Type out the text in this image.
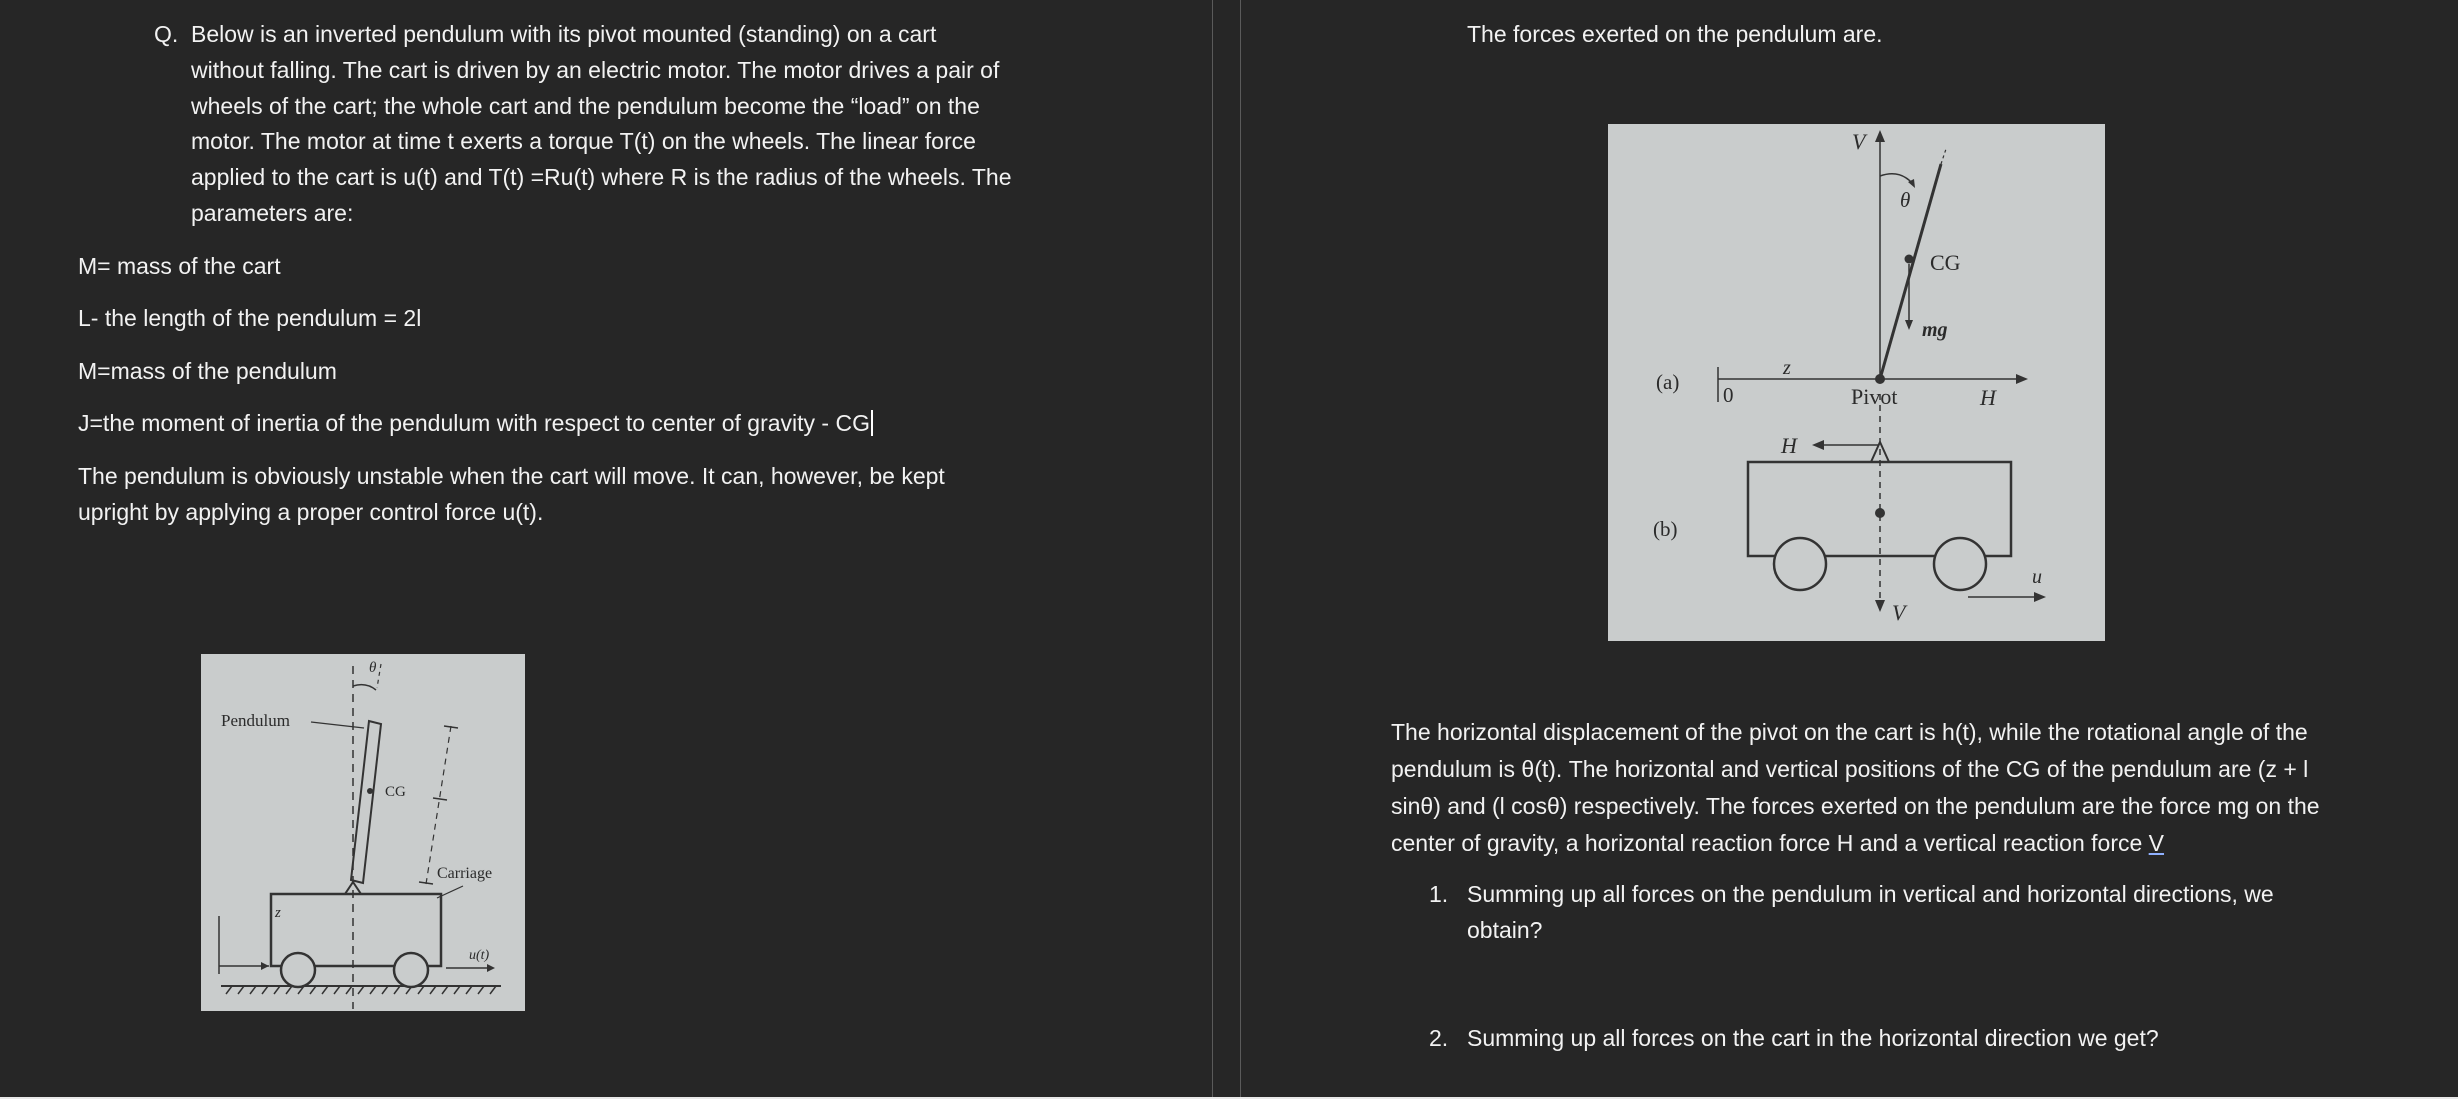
Q. Below is an inverted pendulum with its pivot mounted (standing) on a cart
without falling. The cart is driven by an electric motor. The motor drives a pair of
wheels of the cart; the whole cart and the pendulum become the “load” on the
motor. The motor at time t exerts a torque T(t) on the wheels. The linear force
applied to the cart is u(t) and T(t) =Ru(t) where R is the radius of the wheels. The
parameters are:
M= mass of the cart
L- the length of the pendulum = 2l
M=mass of the pendulum
J=the moment of inertia of the pendulum with respect to center of gravity - CG
The pendulum is obviously unstable when the cart will move. It can, however, be kept
upright by applying a proper control force u(t).
Pendulum
θ
CG
Carriage
z
u(t)
The forces exerted on the pendulum are.
V
θ
CG
mg
(a)
0
z
Pivot	H
H
(b)
u
V
The horizontal displacement of the pivot on the cart is h(t), while the rotational angle of the
pendulum is θ(t). The horizontal and vertical positions of the CG of the pendulum are (z + l
sinθ) and (l cosθ) respectively. The forces exerted on the pendulum are the force mg on the
center of gravity, a horizontal reaction force H and a vertical reaction force V
1. Summing up all forces on the pendulum in vertical and horizontal directions, we
obtain?
2. Summing up all forces on the cart in the horizontal direction we get?
